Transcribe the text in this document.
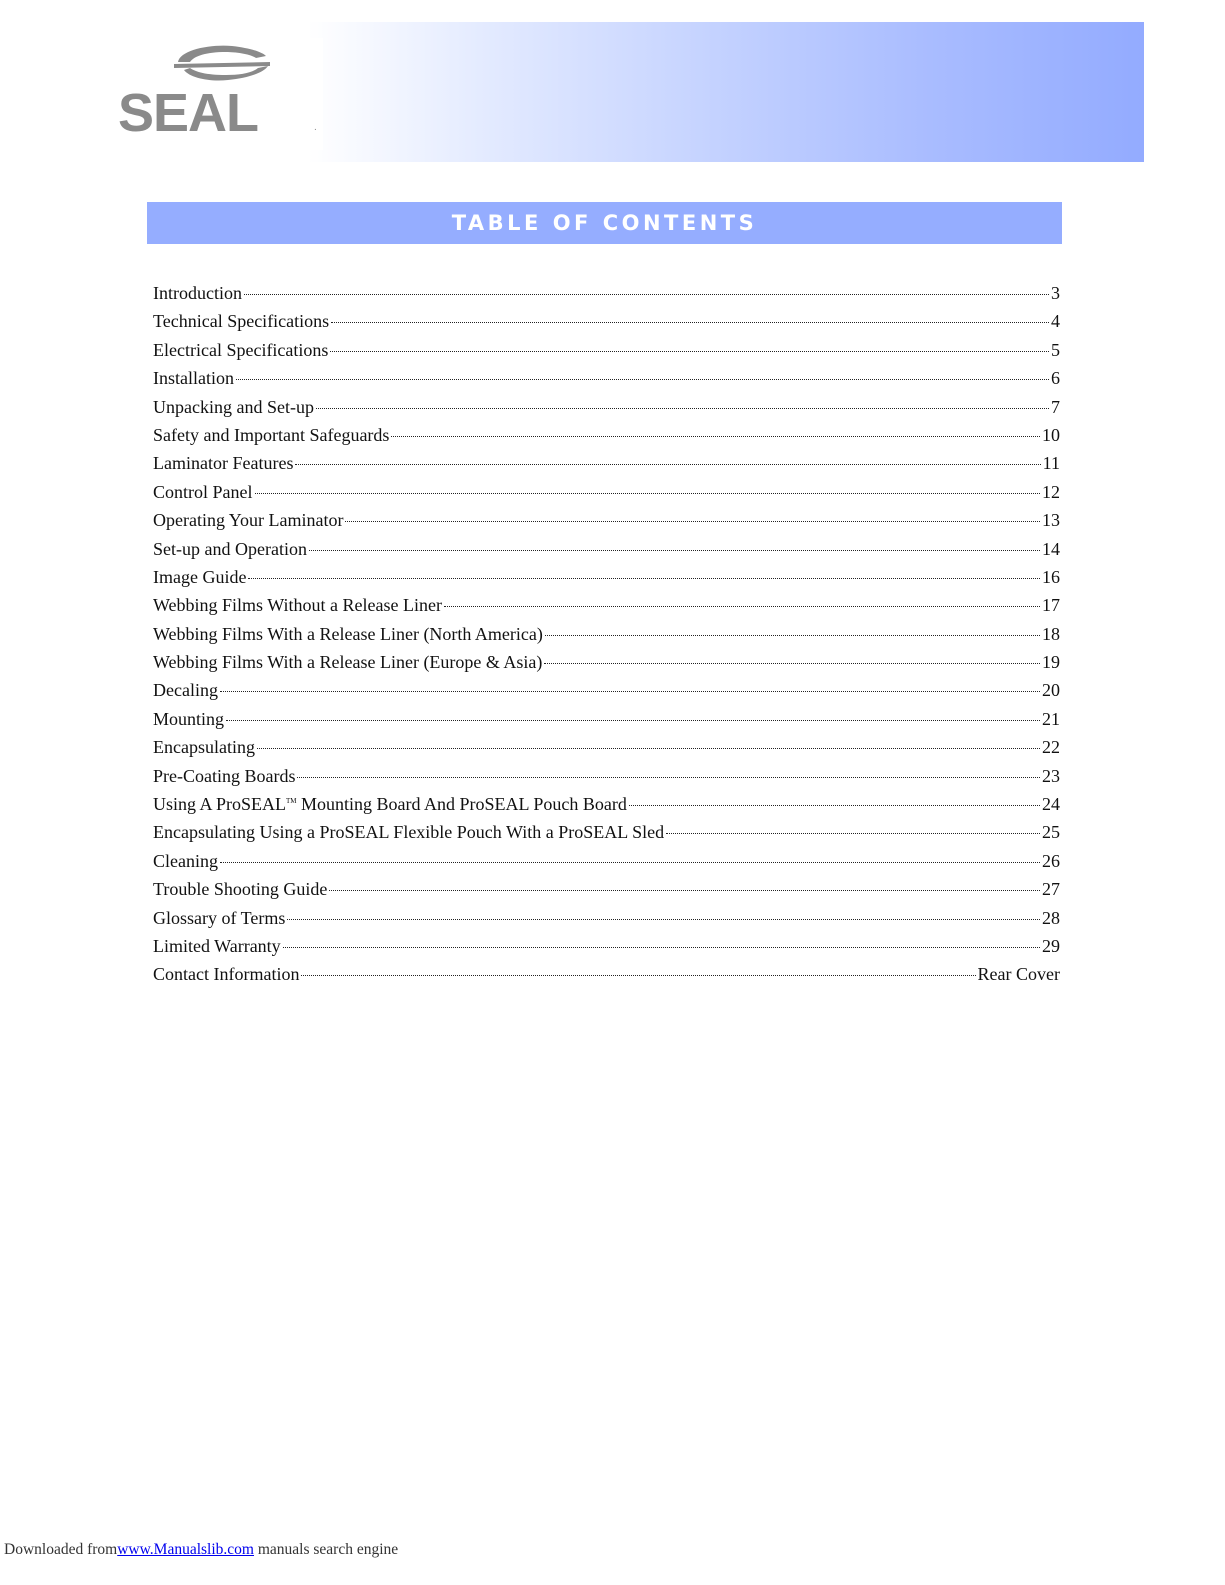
SEAL	.
TABLE OF CONTENTS
Introduction	3
Technical Specifications	4
Electrical Specifications	5
Installation	6
Unpacking and Set-up	7
Safety and Important Safeguards	10
Laminator Features	11
Control Panel	12
Operating Your Laminator	13
Set-up and Operation	14
Image Guide	16
Webbing Films Without a Release Liner	17
Webbing Films With a Release Liner (North America)	18
Webbing Films With a Release Liner (Europe & Asia)	19
Decaling	20
Mounting	21
Encapsulating	22
Pre-Coating Boards	23
Using A ProSEAL™ Mounting Board And ProSEAL Pouch Board	24
Encapsulating Using a ProSEAL Flexible Pouch With a ProSEAL Sled	25
Cleaning	26
Trouble Shooting Guide	27
Glossary of Terms	28
Limited Warranty	29
Contact Information	Rear Cover
Downloaded fromwww.Manualslib.com manuals search engine
